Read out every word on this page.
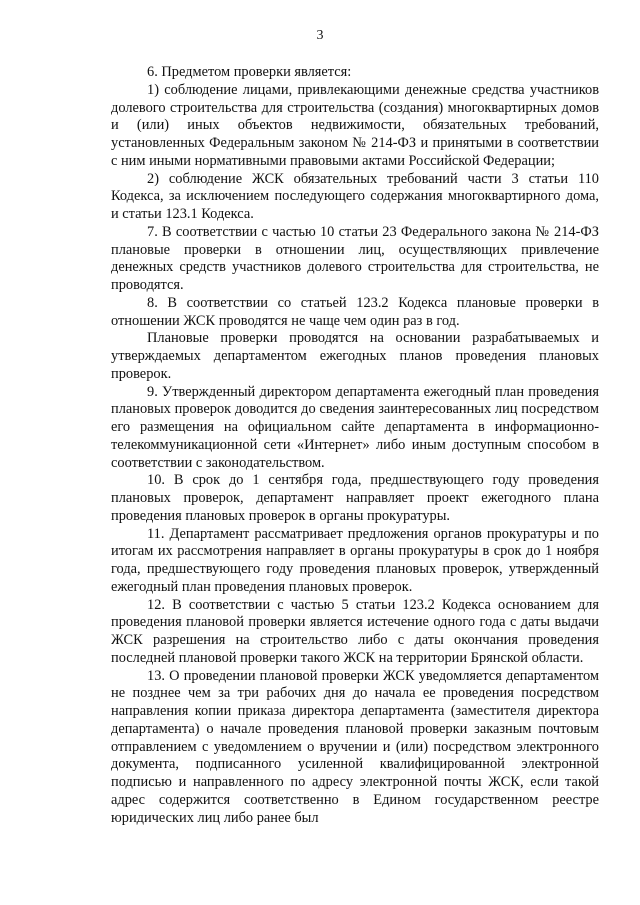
3

6. Предметом проверки является:

1) соблюдение лицами, привлекающими денежные средства участников долевого строительства для строительства (создания) многоквартирных домов и (или) иных объектов недвижимости, обязательных требований, установленных Федеральным законом № 214-ФЗ и принятыми в соответствии с ним иными нормативными правовыми актами Российской Федерации;

2) соблюдение ЖСК обязательных требований части 3 статьи 110 Кодекса, за исключением последующего содержания многоквартирного дома, и статьи 123.1 Кодекса.

7. В соответствии с частью 10 статьи 23 Федерального закона № 214-ФЗ плановые проверки в отношении лиц, осуществляющих привлечение денежных средств участников долевого строительства для строительства, не проводятся.

8. В соответствии со статьей 123.2 Кодекса плановые проверки в отношении ЖСК проводятся не чаще чем один раз в год.

Плановые проверки проводятся на основании разрабатываемых и утверждаемых департаментом ежегодных планов проведения плановых проверок.

9. Утвержденный директором департамента ежегодный план проведения плановых проверок доводится до сведения заинтересованных лиц посредством его размещения на официальном сайте департамента в информационно-телекоммуникационной сети «Интернет» либо иным доступным способом в соответствии с законодательством.

10. В срок до 1 сентября года, предшествующего году проведения плановых проверок, департамент направляет проект ежегодного плана проведения плановых проверок в органы прокуратуры.

11. Департамент рассматривает предложения органов прокуратуры и по итогам их рассмотрения направляет в органы прокуратуры в срок до 1 ноября года, предшествующего году проведения плановых проверок, утвержденный ежегодный план проведения плановых проверок.

12. В соответствии с частью 5 статьи 123.2 Кодекса основанием для проведения плановой проверки является истечение одного года с даты выдачи ЖСК разрешения на строительство либо с даты окончания проведения последней плановой проверки такого ЖСК на территории Брянской области.

13. О проведении плановой проверки ЖСК уведомляется департаментом не позднее чем за три рабочих дня до начала ее проведения посредством направления копии приказа директора департамента (заместителя директора департамента) о начале проведения плановой проверки заказным почтовым отправлением с уведомлением о вручении и (или) посредством электронного документа, подписанного усиленной квалифицированной электронной подписью и направленного по адресу электронной почты ЖСК, если такой адрес содержится соответственно в Едином государственном реестре юридических лиц либо ранее был
